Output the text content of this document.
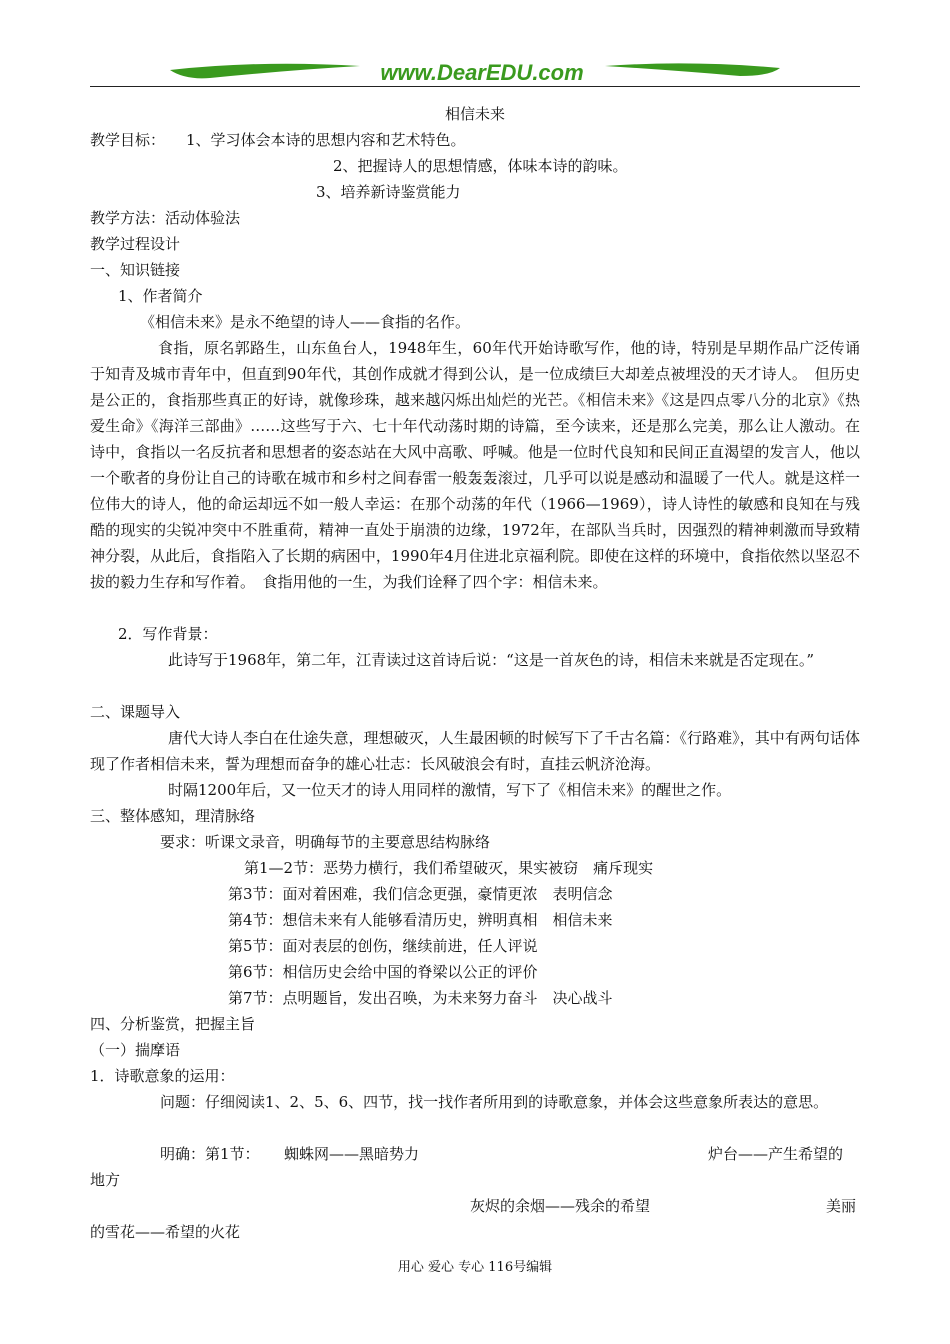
www.DearEDU.com
相信未来
教学目标： 1、学习体会本诗的思想内容和艺术特色。
2、把握诗人的思想情感，体味本诗的韵味。
3、培养新诗鉴赏能力
教学方法：活动体验法
教学过程设计
一、知识链接
1、作者简介
《相信未来》是永不绝望的诗人——食指的名作。
食指，原名郭路生，山东鱼台人，1948年生，60年代开始诗歌写作，他的诗，特别是早期作品广泛传诵于知青及城市青年中，但直到90年代，其创作成就才得到公认，是一位成绩巨大却差点被埋没的天才诗人。　但历史是公正的，食指那些真正的好诗，就像珍珠，越来越闪烁出灿烂的光芒。《相信未来》《这是四点零八分的北京》《热爱生命》《海洋三部曲》……这些写于六、七十年代动荡时期的诗篇，至今读来，还是那么完美，那么让人激动。在诗中，食指以一名反抗者和思想者的姿态站在大风中高歌、呼喊。他是一位时代良知和民间正直渴望的发言人，他以一个歌者的身份让自己的诗歌在城市和乡村之间春雷一般轰轰滚过，几乎可以说是感动和温暖了一代人。就是这样一位伟大的诗人，他的命运却远不如一般人幸运：在那个动荡的年代（1966—1969），诗人诗性的敏感和良知在与残酷的现实的尖锐冲突中不胜重荷，精神一直处于崩溃的边缘，1972年，在部队当兵时，因强烈的精神刺激而导致精神分裂，从此后，食指陷入了长期的病困中，1990年4月住进北京福利院。即使在这样的环境中，食指依然以坚忍不拔的毅力生存和写作着。　食指用他的一生，为我们诠释了四个字：相信未来。
2．写作背景：
此诗写于1968年，第二年，江青读过这首诗后说：“这是一首灰色的诗，相信未来就是否定现在。”
二、课题导入
唐代大诗人李白在仕途失意，理想破灭，人生最困顿的时候写下了千古名篇：《行路难》，其中有两句话体现了作者相信未来，誓为理想而奋争的雄心壮志：长风破浪会有时，直挂云帆济沧海。
时隔1200年后，又一位天才的诗人用同样的激情，写下了《相信未来》的醒世之作。
三、整体感知，理清脉络
要求：听课文录音，明确每节的主要意思结构脉络
第1—2节：恶势力横行，我们希望破灭，果实被窃　痛斥现实
第3节：面对着困难，我们信念更强，豪情更浓　表明信念
第4节：想信未来有人能够看清历史，辨明真相　相信未来
第5节：面对表层的创伤，继续前进，任人评说
第6节：相信历史会给中国的脊梁以公正的评价
第7节：点明题旨，发出召唤，为未来努力奋斗　决心战斗
四、分析鉴赏，把握主旨
（一）揣摩语
1．诗歌意象的运用：
问题：仔细阅读1、2、5、6、四节，找一找作者所用到的诗歌意象，并体会这些意象所表达的意思。
明确：第1节： 蜘蛛网——黑暗势力	炉台——产生希望的
地方
灰烬的余烟——残余的希望	美丽
的雪花——希望的火花
用心 爱心 专心 116号编辑
